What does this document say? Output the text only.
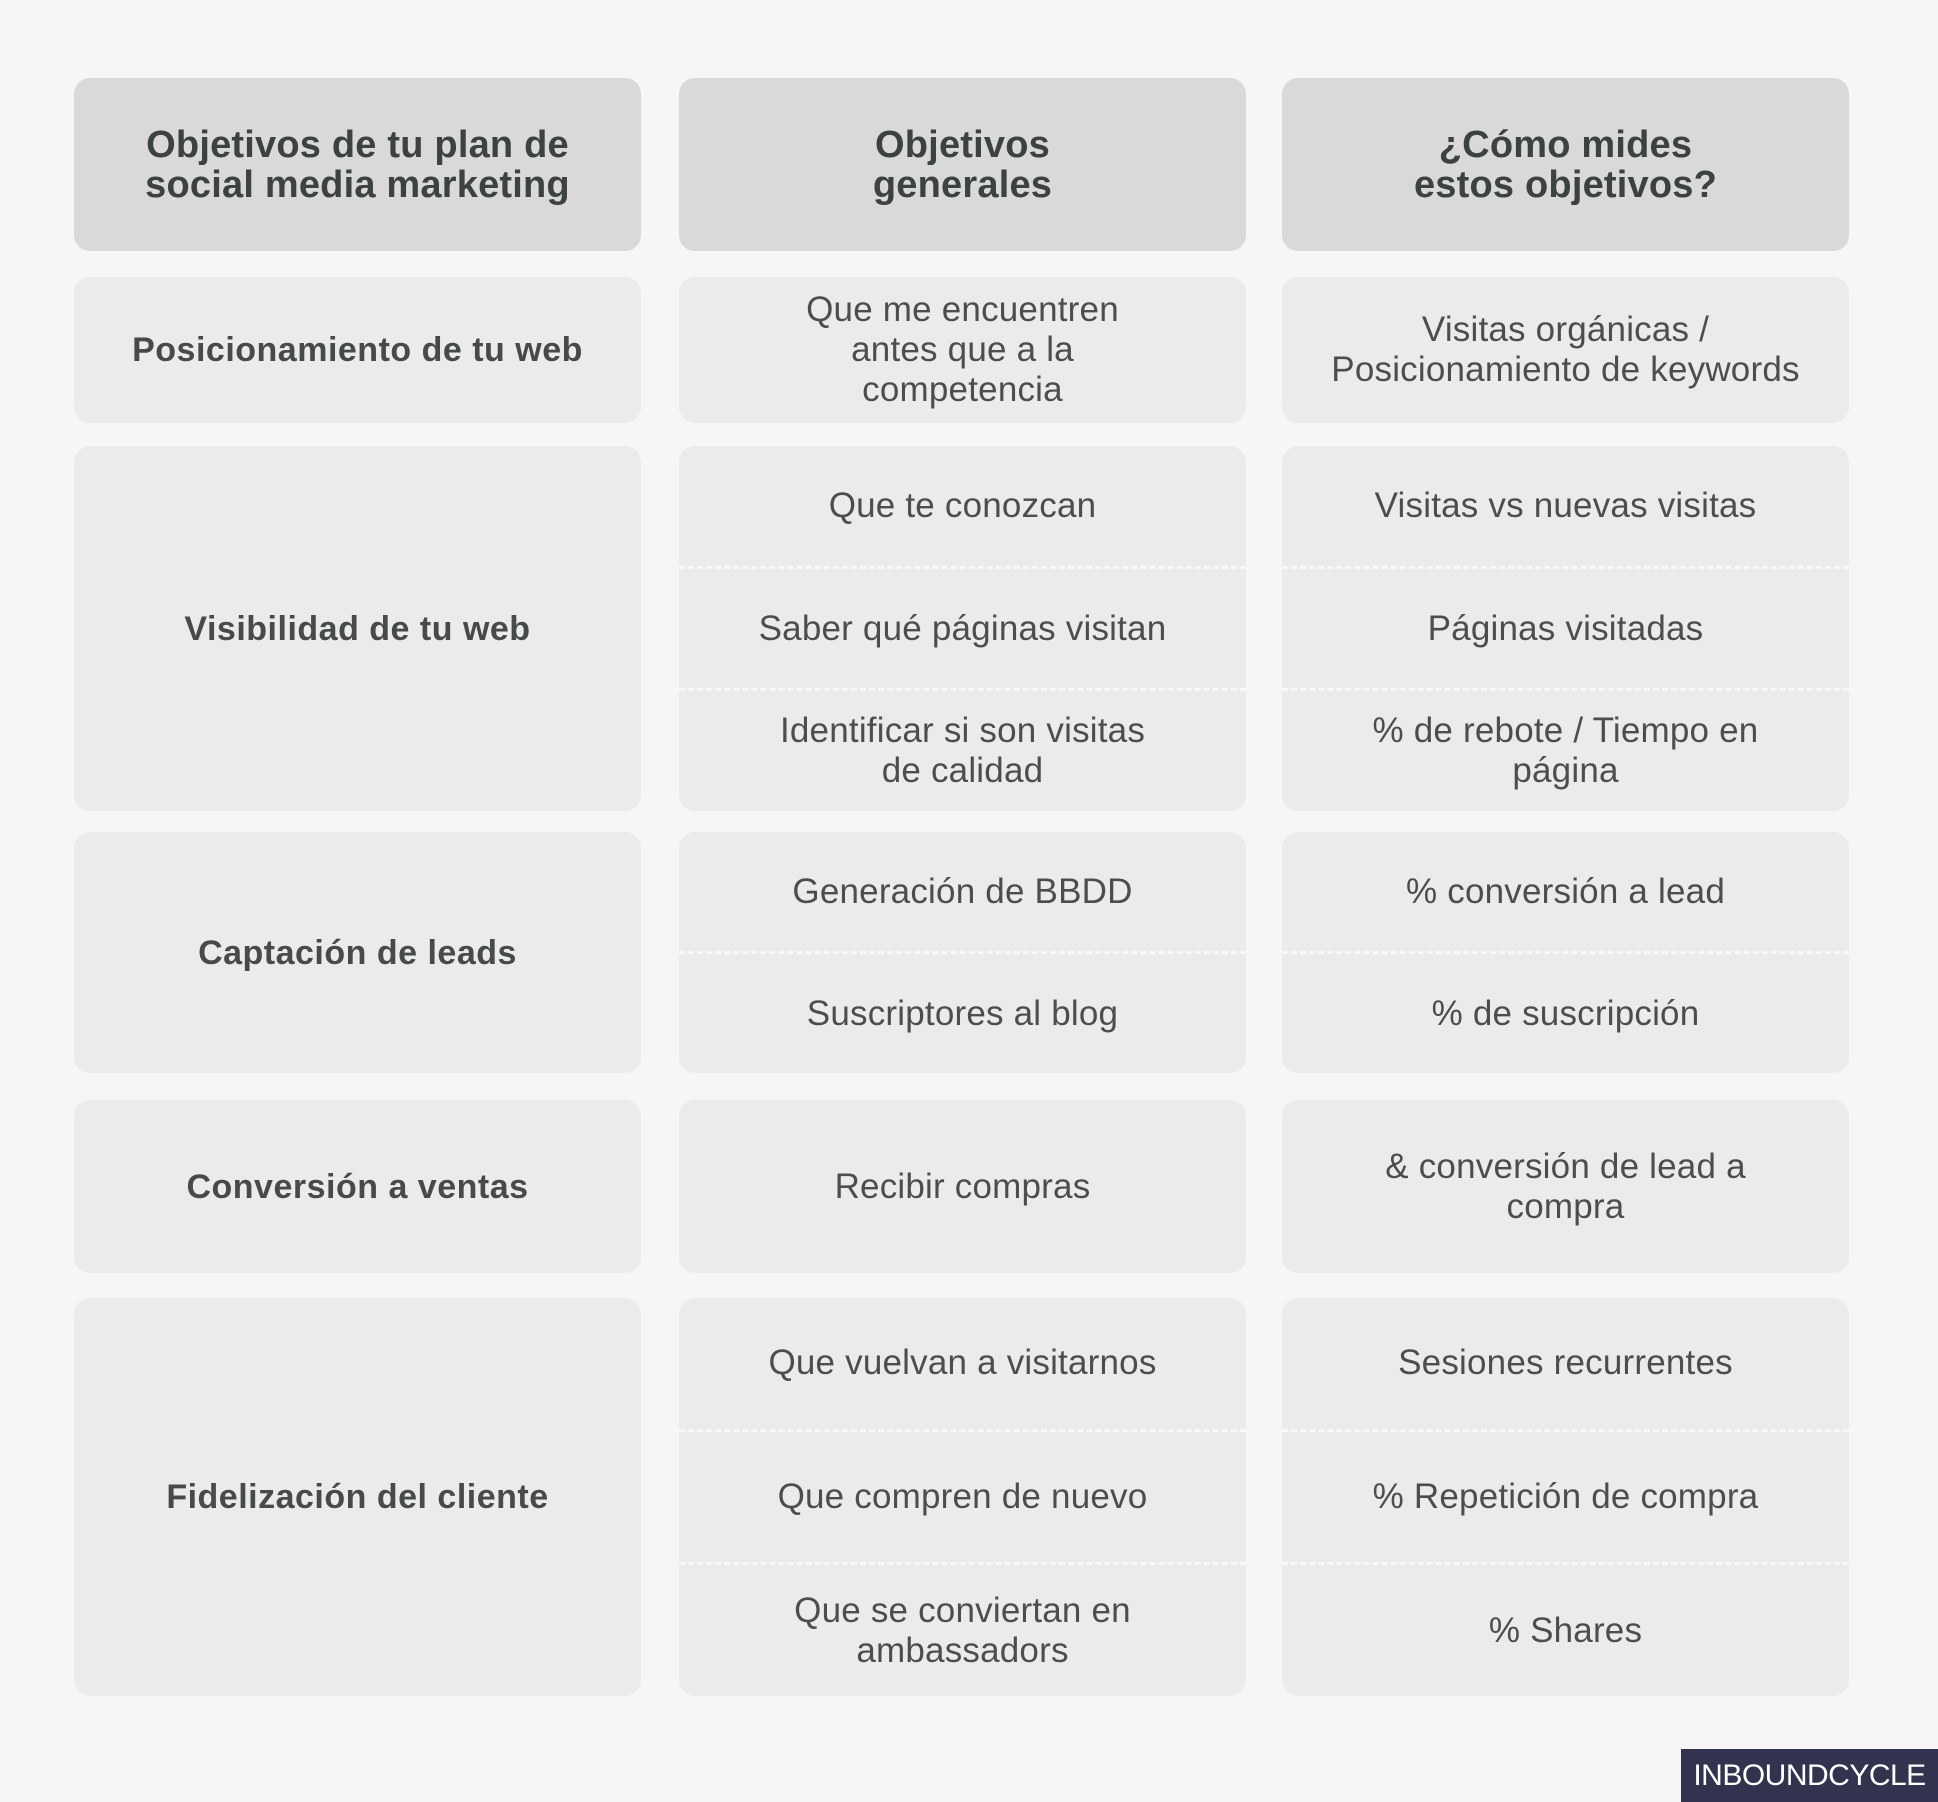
Objetivos de tu plan de social media marketing
Objetivos generales
¿Cómo mides estos objetivos?
Posicionamiento de tu web
Que me encuentren antes que a la competencia
Visitas orgánicas / Posicionamiento de keywords
Visibilidad de tu web
Que te conozcan
Saber qué páginas visitan
Identificar si son visitas de calidad
Visitas vs nuevas visitas
Páginas visitadas
% de rebote / Tiempo en página
Captación de leads
Generación de BBDD
Suscriptores al blog
% conversión a lead
% de suscripción
Conversión a ventas	Recibir compras
& conversión de lead a compra
Fidelización del cliente
Que vuelvan a visitarnos
Que compren de nuevo
Que se conviertan en ambassadors
Sesiones recurrentes
% Repetición de compra
% Shares
INBOUNDCYCLE
